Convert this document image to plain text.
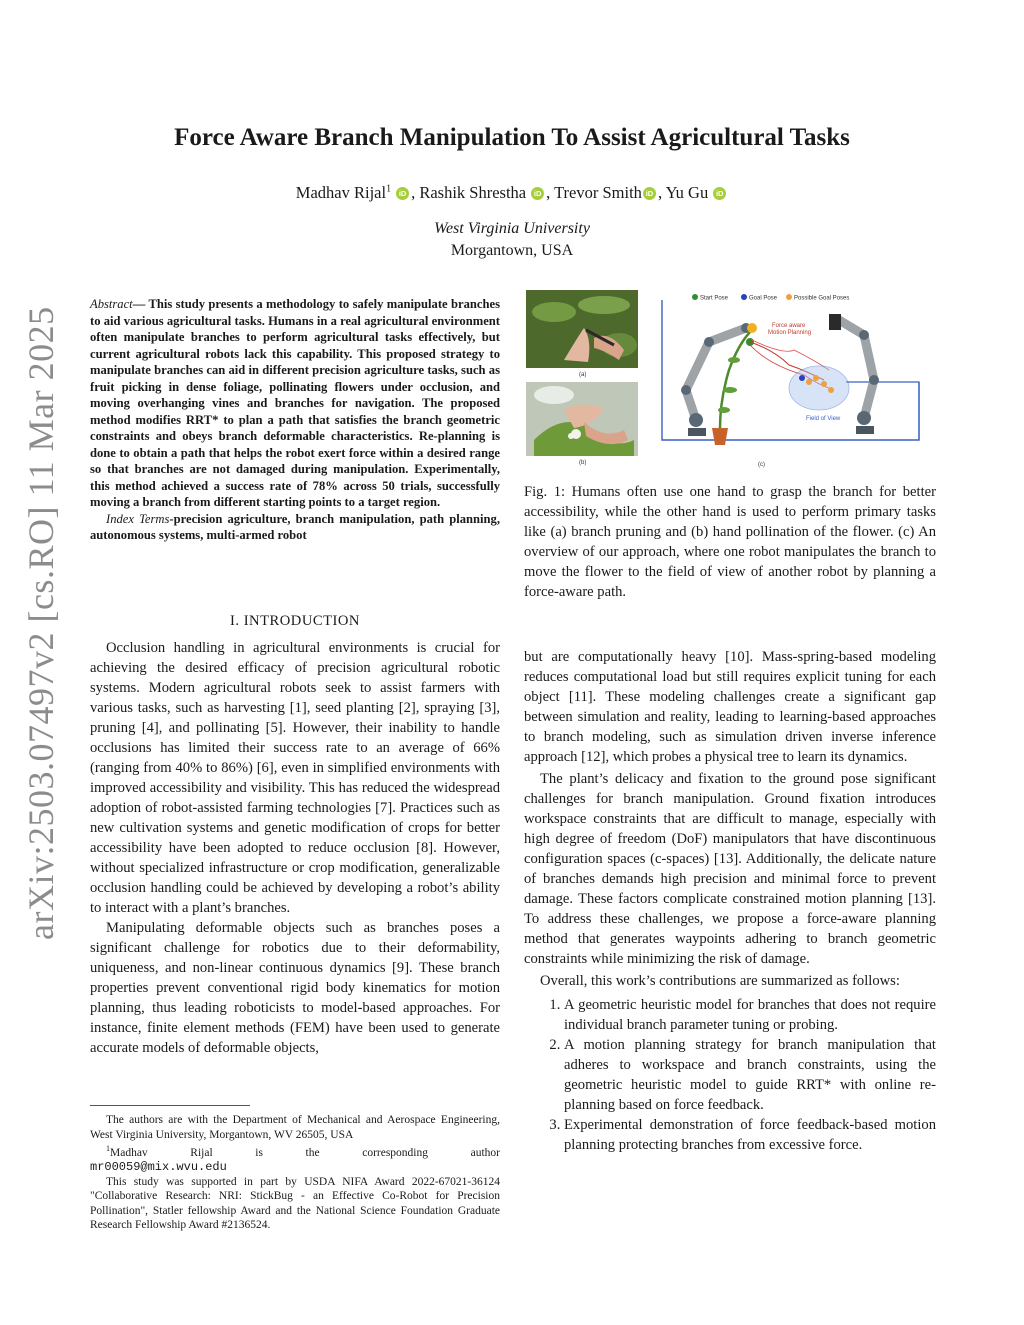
arXiv:2503.07497v2 [cs.RO] 11 Mar 2025
Force Aware Branch Manipulation To Assist Agricultural Tasks
Madhav Rijal$^1$ iD , Rashik Shrestha iD , Trevor Smith iD , Yu Gu iD
West Virginia University
Morgantown, USA
Abstract— This study presents a methodology to safely manipulate branches to aid various agricultural tasks. Humans in a real agricultural environment often manipulate branches to perform agricultural tasks effectively, but current agricultural robots lack this capability. This proposed strategy to manipulate branches can aid in different precision agriculture tasks, such as fruit picking in dense foliage, pollinating flowers under occlusion, and moving overhanging vines and branches for navigation. The proposed method modifies RRT* to plan a path that satisfies the branch geometric constraints and obeys branch deformable characteristics. Re-planning is done to obtain a path that helps the robot exert force within a desired range so that branches are not damaged during manipulation. Experimentally, this method achieved a success rate of 78% across 50 trials, successfully moving a branch from different starting points to a target region.
Index Terms-precision agriculture, branch manipulation, path planning, autonomous systems, multi-armed robot
I. INTRODUCTION

Occlusion handling in agricultural environments is crucial for achieving the desired efficacy of precision agricultural robotic systems. Modern agricultural robots seek to assist farmers with various tasks, such as harvesting [1], seed planting [2], spraying [3], pruning [4], and pollinating [5]. However, their inability to handle occlusions has limited their success rate to an average of 66% (ranging from 40% to 86%) [6], even in simplified environments with improved accessibility and visibility. This has reduced the widespread adoption of robot-assisted farming technologies [7]. Practices such as new cultivation systems and genetic modification of crops for better accessibility have been adopted to reduce occlusion [8]. However, without specialized infrastructure or crop modification, generalizable occlusion handling could be achieved by developing a robot’s ability to interact with a plant’s branches.

Manipulating deformable objects such as branches poses a significant challenge for robotics due to their deformability, uniqueness, and non-linear continuous dynamics [9]. These branch properties prevent conventional rigid body kinematics for motion planning, thus leading roboticists to model-based approaches. For instance, finite element methods (FEM) have been used to generate accurate models of deformable objects,

The authors are with the Department of Mechanical and Aerospace Engineering, West Virginia University, Morgantown, WV 26505, USA

$^1$Madhav Rijal is the corresponding author

mr00059@mix.wvu.edu

This study was supported in part by USDA NIFA Award 2022-67021-36124 "Collaborative Research: NRI: StickBug - an Effective Co-Robot for Precision Pollination", Statler fellowship Award and the National Science Foundation Graduate Research Fellowship Award #2136524.

(a)
(b)
Start Pose	Goal Pose	Possible Goal Poses
Force aware
Motion Planning
Field of View
(c)
Fig. 1: Humans often use one hand to grasp the branch for better accessibility, while the other hand is used to perform primary tasks like (a) branch pruning and (b) hand pollination of the flower. (c) An overview of our approach, where one robot manipulates the branch to move the flower to the field of view of another robot by planning a force-aware path.

but are computationally heavy [10]. Mass-spring-based modeling reduces computational load but still requires explicit tuning for each object [11]. These modeling challenges create a significant gap between simulation and reality, leading to learning-based approaches to branch modeling, such as simulation driven inverse inference approach [12], which probes a physical tree to learn its dynamics.

The plant’s delicacy and fixation to the ground pose significant challenges for branch manipulation. Ground fixation introduces workspace constraints that are difficult to manage, especially with high degree of freedom (DoF) manipulators that have discontinuous configuration spaces (c-spaces) [13]. Additionally, the delicate nature of branches demands high precision and minimal force to prevent damage. These factors complicate constrained motion planning [13]. To address these challenges, we propose a force-aware planning method that generates waypoints adhering to branch geometric constraints while minimizing the risk of damage.

Overall, this work’s contributions are summarized as follows:

1. A geometric heuristic model for branches that does not require individual branch parameter tuning or probing.
2. A motion planning strategy for branch manipulation that adheres to workspace and branch constraints, using the geometric heuristic model to guide RRT* with online re-planning based on force feedback.
3. Experimental demonstration of force feedback-based motion planning protecting branches from excessive force.
